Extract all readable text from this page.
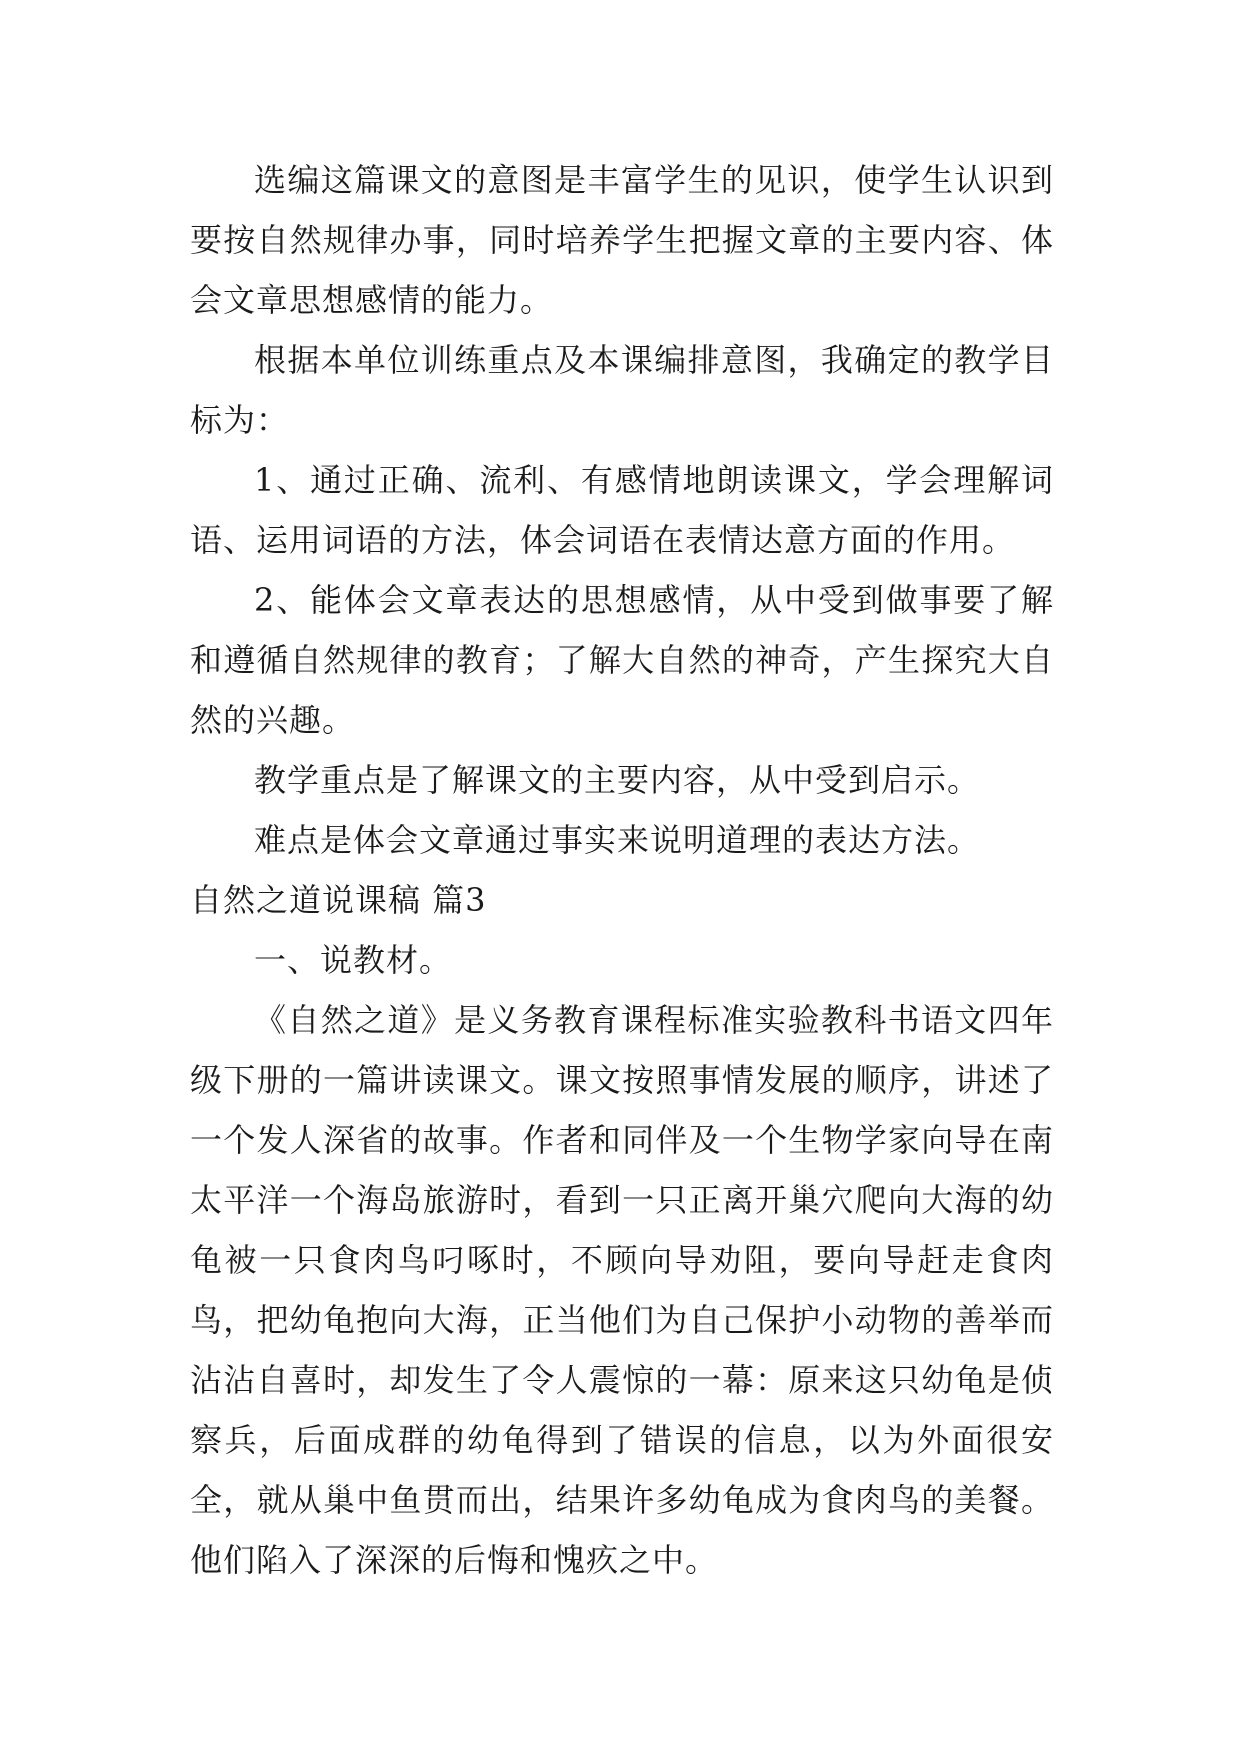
选编这篇课文的意图是丰富学生的见识，使学生认识到要按自然规律办事，同时培养学生把握文章的主要内容、体会文章思想感情的能力。

根据本单位训练重点及本课编排意图，我确定的教学目标为：

1、通过正确、流利、有感情地朗读课文，学会理解词语、运用词语的方法，体会词语在表情达意方面的作用。

2、能体会文章表达的思想感情，从中受到做事要了解和遵循自然规律的教育；了解大自然的神奇，产生探究大自然的兴趣。

教学重点是了解课文的主要内容，从中受到启示。

难点是体会文章通过事实来说明道理的表达方法。

自然之道说课稿 篇3

一、说教材。

《自然之道》是义务教育课程标准实验教科书语文四年级下册的一篇讲读课文。课文按照事情发展的顺序，讲述了一个发人深省的故事。作者和同伴及一个生物学家向导在南太平洋一个海岛旅游时，看到一只正离开巢穴爬向大海的幼龟被一只食肉鸟叼啄时，不顾向导劝阻，要向导赶走食肉鸟，把幼龟抱向大海，正当他们为自己保护小动物的善举而沾沾自喜时，却发生了令人震惊的一幕：原来这只幼龟是侦察兵，后面成群的幼龟得到了错误的信息，以为外面很安全，就从巢中鱼贯而出，结果许多幼龟成为食肉鸟的美餐。他们陷入了深深的后悔和愧疚之中。
